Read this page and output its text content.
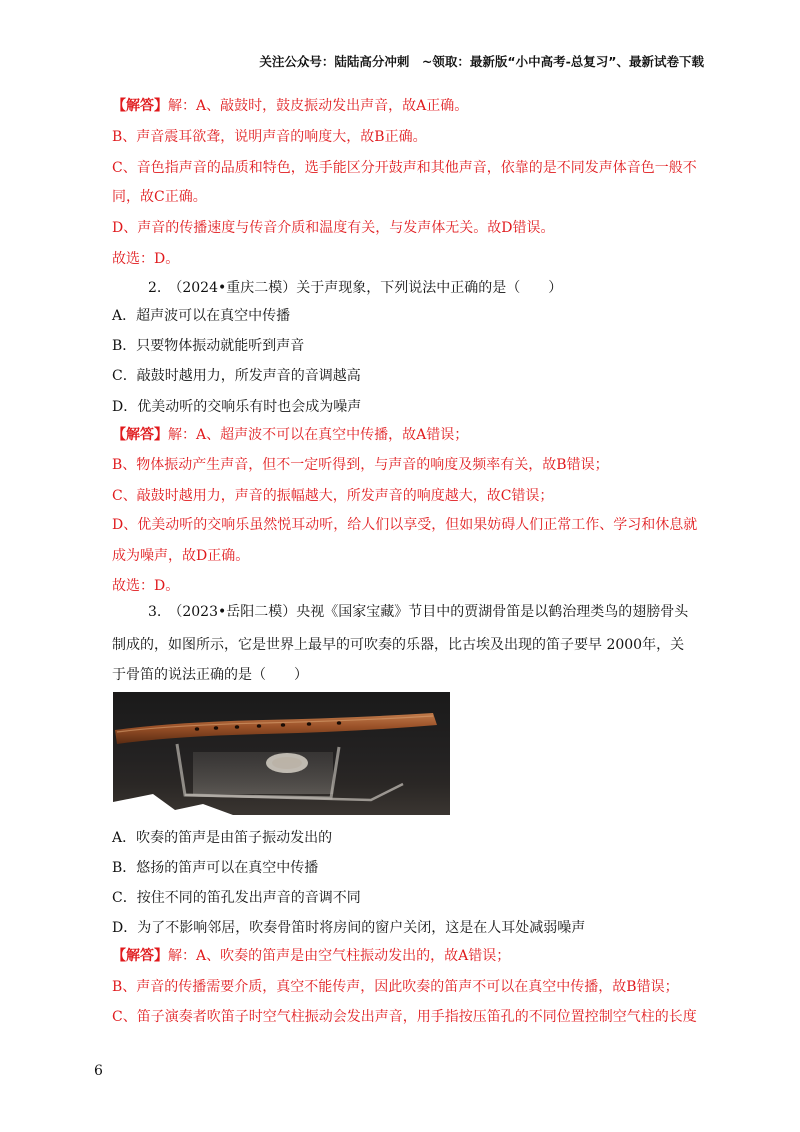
关注公众号：陆陆高分冲刺　~领取：最新版“小中高考-总复习”、最新试卷下载
【解答】解：A、敲鼓时，鼓皮振动发出声音，故A正确。
B、声音震耳欲聋，说明声音的响度大，故B正确。
C、音色指声音的品质和特色，选手能区分开鼓声和其他声音，依靠的是不同发声体音色一般不
同，故C正确。
D、声音的传播速度与传音介质和温度有关，与发声体无关。故D错误。
故选：D。
2.　（2024•重庆二模）关于声现象，下列说法中正确的是（　　）
A．超声波可以在真空中传播
B．只要物体振动就能听到声音
C．敲鼓时越用力，所发声音的音调越高
D．优美动听的交响乐有时也会成为噪声
【解答】解：A、超声波不可以在真空中传播，故A错误；
B、物体振动产生声音，但不一定听得到，与声音的响度及频率有关，故B错误；
C、敲鼓时越用力，声音的振幅越大，所发声音的响度越大，故C错误；
D、优美动听的交响乐虽然悦耳动听，给人们以享受，但如果妨碍人们正常工作、学习和休息就
成为噪声，故D正确。
故选：D。
3.　（2023•岳阳二模）央视《国家宝藏》节目中的贾湖骨笛是以鹤治理类鸟的翅膀骨头
制成的，如图所示，它是世界上最早的可吹奏的乐器，比古埃及出现的笛子要早 2000年，关
于骨笛的说法正确的是（　　）
A．吹奏的笛声是由笛子振动发出的
B．悠扬的笛声可以在真空中传播
C．按住不同的笛孔发出声音的音调不同
D．为了不影响邻居，吹奏骨笛时将房间的窗户关闭，这是在人耳处减弱噪声
【解答】解：A、吹奏的笛声是由空气柱振动发出的，故A错误；
B、声音的传播需要介质，真空不能传声，因此吹奏的笛声不可以在真空中传播，故B错误；
C、笛子演奏者吹笛子时空气柱振动会发出声音，用手指按压笛孔的不同位置控制空气柱的长度
6
